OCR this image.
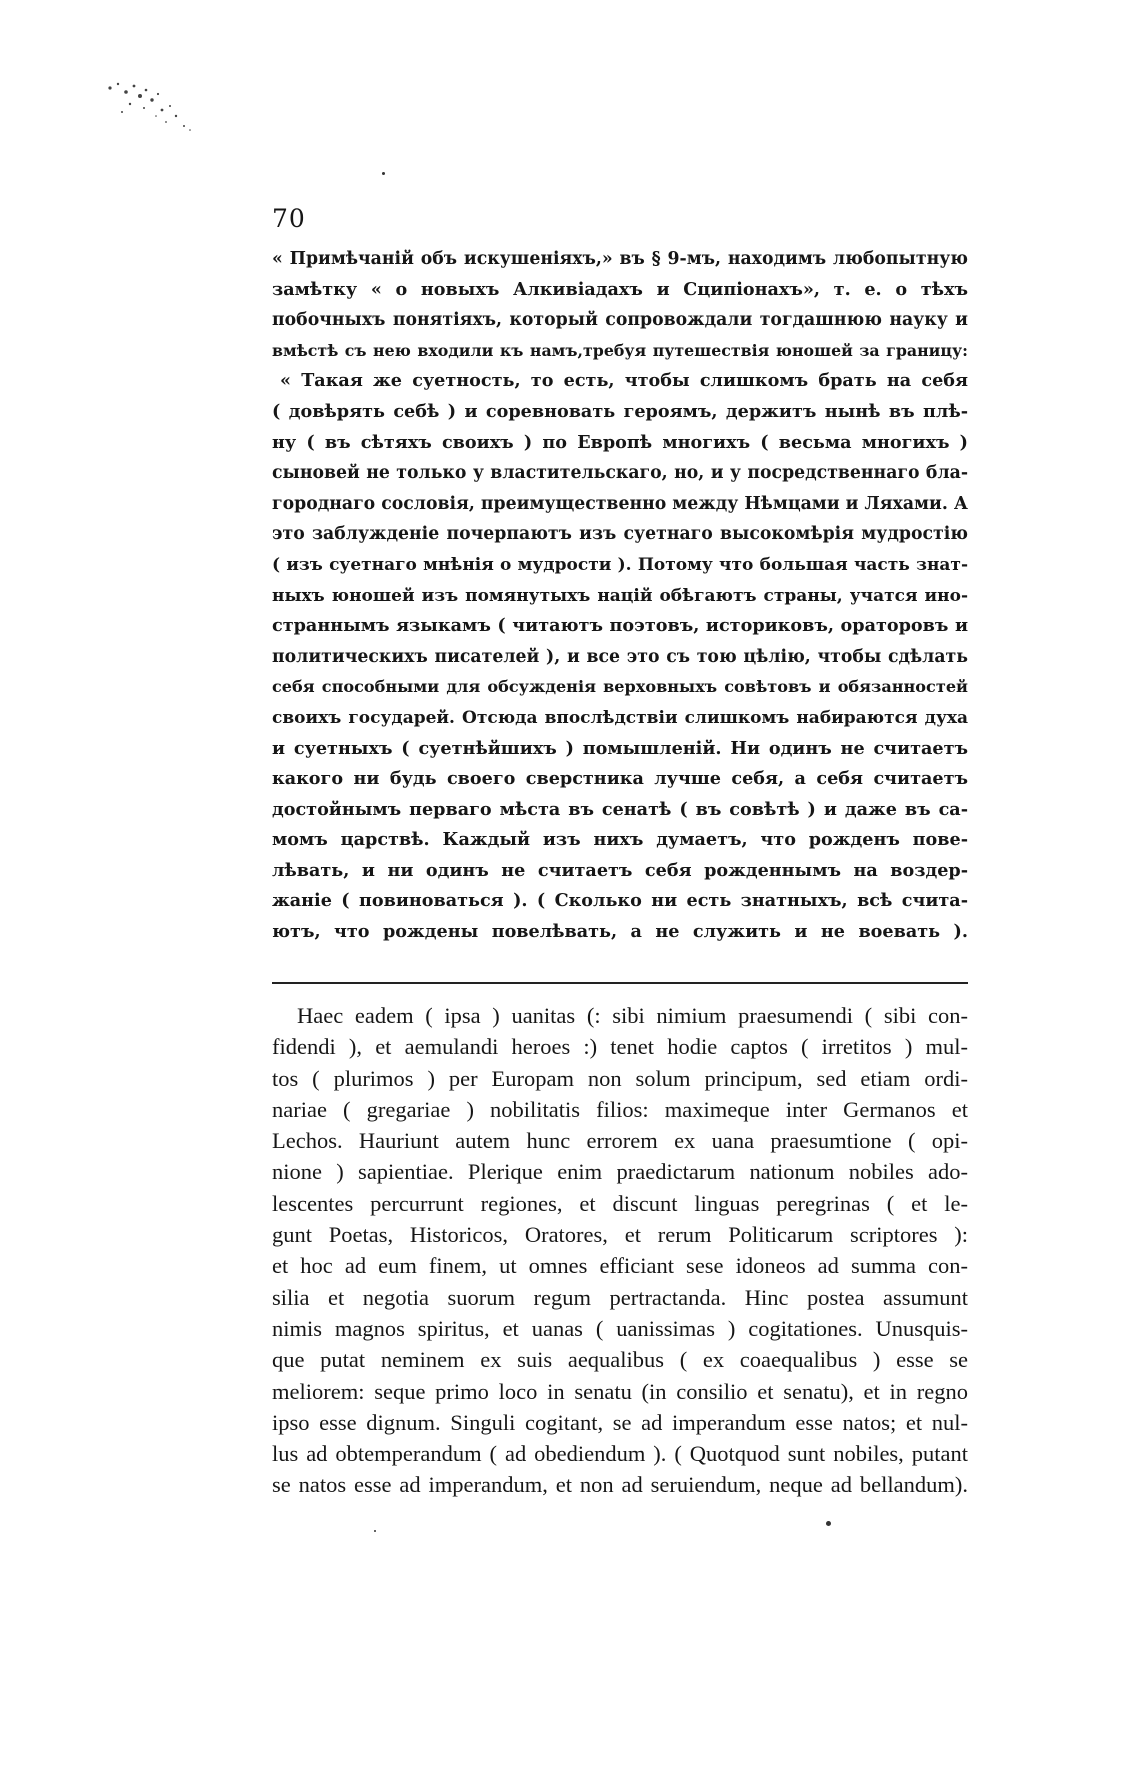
70
« Примѣчаній объ искушеніяхъ,» въ § 9-мъ, находимъ любопытную
замѣтку « о новыхъ Алкивіадахъ и Сципіонахъ», т. е. о тѣхъ
побочныхъ понятіяхъ, который сопровождали тогдашнюю науку и
вмѣстѣ съ нею входили къ намъ,требуя путешествія юношей за границу:
« Такая же суетность, то есть, чтобы слишкомъ брать на себя
( довѣрять себѣ ) и соревновать героямъ, держитъ нынѣ въ плѣ-
ну ( въ сѣтяхъ своихъ ) по Европѣ многихъ ( весьма многихъ )
сыновей не только у властительскаго, но, и у посредственнаго бла-
городнаго сословія, преимущественно между Нѣмцами и Ляхами. А
это заблужденіе почерпаютъ изъ суетнаго высокомѣрія мудростію
( изъ суетнаго мнѣнія о мудрости ). Потому что большая часть знат-
ныхъ юношей изъ помянутыхъ націй обѣгаютъ страны, учатся ино-
страннымъ языкамъ ( читаютъ поэтовъ, историковъ, ораторовъ и
политическихъ писателей ), и все это съ тою цѣлію, чтобы сдѣлать
себя способными для обсужденія верховныхъ совѣтовъ и обязанностей
своихъ государей. Отсюда впослѣдствіи слишкомъ набираются духа
и суетныхъ ( суетнѣйшихъ ) помышленій. Ни одинъ не считаетъ
какого ни будь своего сверстника лучше себя, а себя считаетъ
достойнымъ перваго мѣста въ сенатѣ ( въ совѣтѣ ) и даже въ са-
момъ царствѣ. Каждый изъ нихъ думаетъ, что рожденъ пове-
лѣвать, и ни одинъ не считаетъ себя рожденнымъ на воздер-
жаніе ( повиноваться ). ( Сколько ни есть знатныхъ, всѣ счита-
ютъ, что рождены повелѣвать, а не служить и не воевать ).
Haec eadem ( ipsa ) uanitas (: sibi nimium praesumendi ( sibi con-
fidendi ), et aemulandi heroes :) tenet hodie captos ( irretitos ) mul-
tos ( plurimos ) per Europam non solum principum, sed etiam ordi-
nariae ( gregariae ) nobilitatis filios: maximeque inter Germanos et
Lechos. Hauriunt autem hunc errorem ex uana praesumtione ( opi-
nione ) sapientiae. Plerique enim praedictarum nationum nobiles ado-
lescentes percurrunt regiones, et discunt linguas peregrinas ( et le-
gunt Poetas, Historicos, Oratores, et rerum Politicarum scriptores ):
et hoc ad eum finem, ut omnes efficiant sese idoneos ad summa con-
silia et negotia suorum regum pertractanda. Hinc postea assumunt
nimis magnos spiritus, et uanas ( uanissimas ) cogitationes. Unusquis-
que putat neminem ex suis aequalibus ( ex coaequalibus ) esse se
meliorem: seque primo loco in senatu (in consilio et senatu), et in regno
ipso esse dignum. Singuli cogitant, se ad imperandum esse natos; et nul-
lus ad obtemperandum ( ad obediendum ). ( Quotquod sunt nobiles, putant
se natos esse ad imperandum, et non ad seruiendum, neque ad bellandum).
